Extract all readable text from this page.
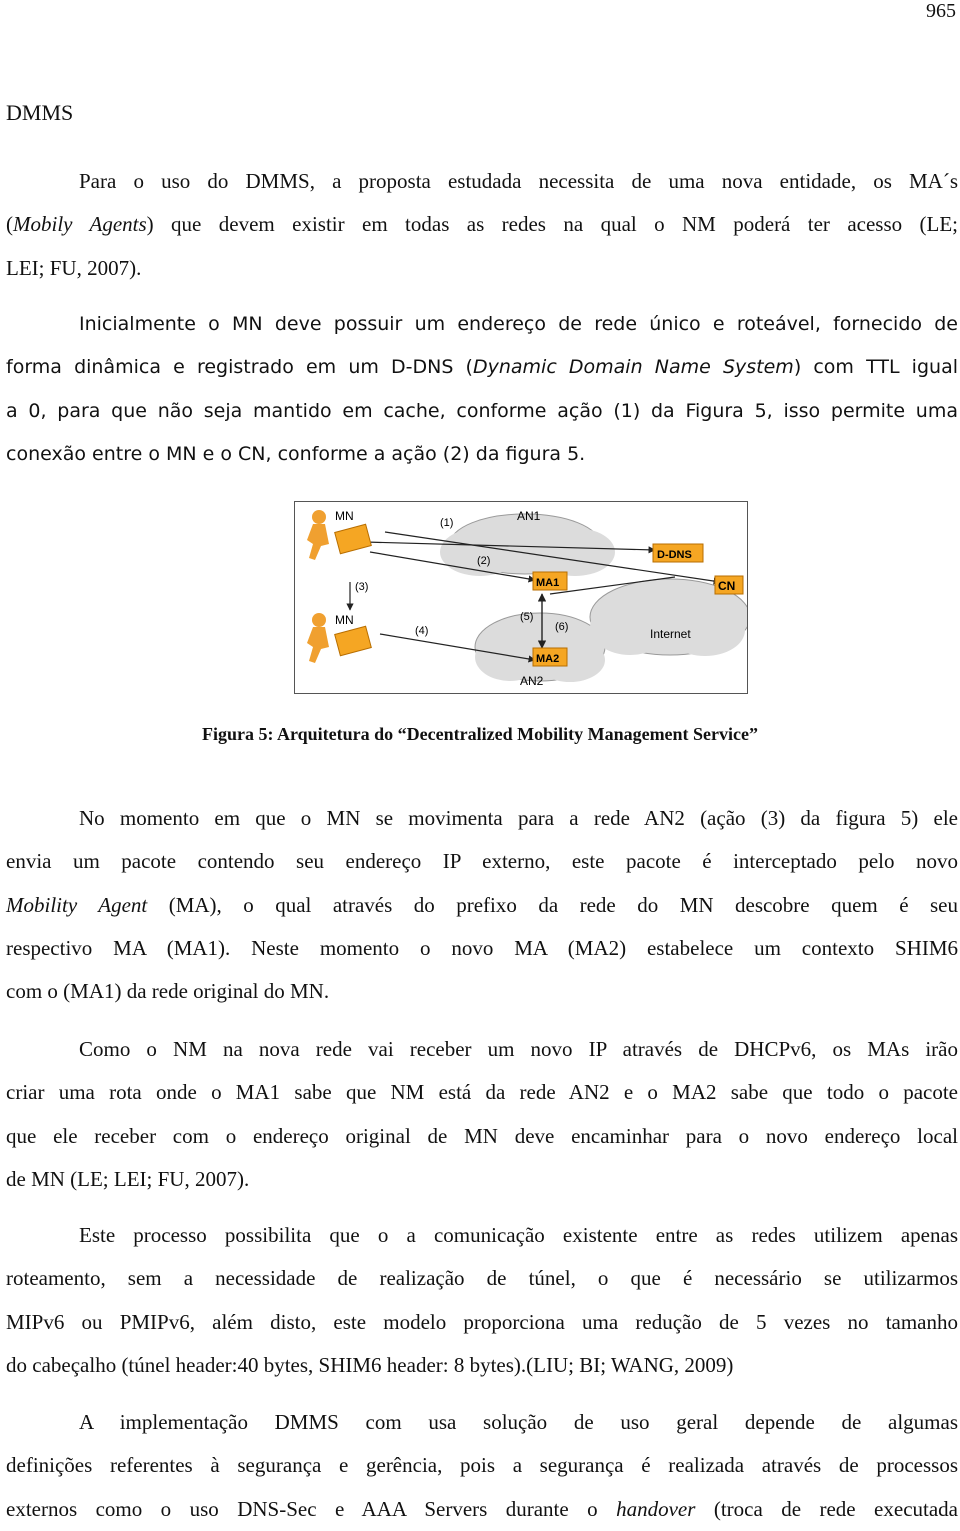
965
DMMS
Para o uso do DMMS, a proposta estudada necessita de uma nova entidade, os MA´s
(Mobily Agents) que devem existir em todas as redes na qual o NM poderá ter acesso (LE;
LEI; FU, 2007).
Inicialmente o MN deve possuir um endereço de rede único e roteável, fornecido de
forma dinâmica e registrado em um D-DNS (Dynamic Domain Name System) com TTL igual
a 0, para que não seja mantido em cache, conforme ação (1) da Figura 5, isso permite uma
conexão entre o MN e o CN, conforme a ação (2) da figura 5.
MN
MN
AN1
AN2
D-DNS
CN
MA1
MA2
Internet
(1)
(2)
(3)
(4)
(5)
(6)
Figura 5: Arquitetura do “Decentralized Mobility Management Service”
No momento em que o MN se movimenta para a rede AN2 (ação (3) da figura 5) ele
envia um pacote contendo seu endereço IP externo, este pacote é interceptado pelo novo
Mobility Agent (MA), o qual através do prefixo da rede do MN descobre quem é seu
respectivo MA (MA1). Neste momento o novo MA (MA2) estabelece um contexto SHIM6
com o (MA1) da rede original do MN.
Como o NM na nova rede vai receber um novo IP através de DHCPv6, os MAs irão
criar uma rota onde o MA1 sabe que NM está da rede AN2 e o MA2 sabe que todo o pacote
que ele receber com o endereço original de MN deve encaminhar para o novo endereço local
de MN (LE; LEI; FU, 2007).
Este processo possibilita que o a comunicação existente entre as redes utilizem apenas
roteamento, sem a necessidade de realização de túnel, o que é necessário se utilizarmos
MIPv6 ou PMIPv6, além disto, este modelo proporciona uma redução de 5 vezes no tamanho
do cabeçalho (túnel header:40 bytes, SHIM6 header: 8 bytes).(LIU; BI; WANG, 2009)
A implementação DMMS com usa solução de uso geral depende de algumas
definições referentes à segurança e gerência, pois a segurança é realizada através de processos
externos como o uso DNS-Sec e AAA Servers durante o handover (troca de rede executada
